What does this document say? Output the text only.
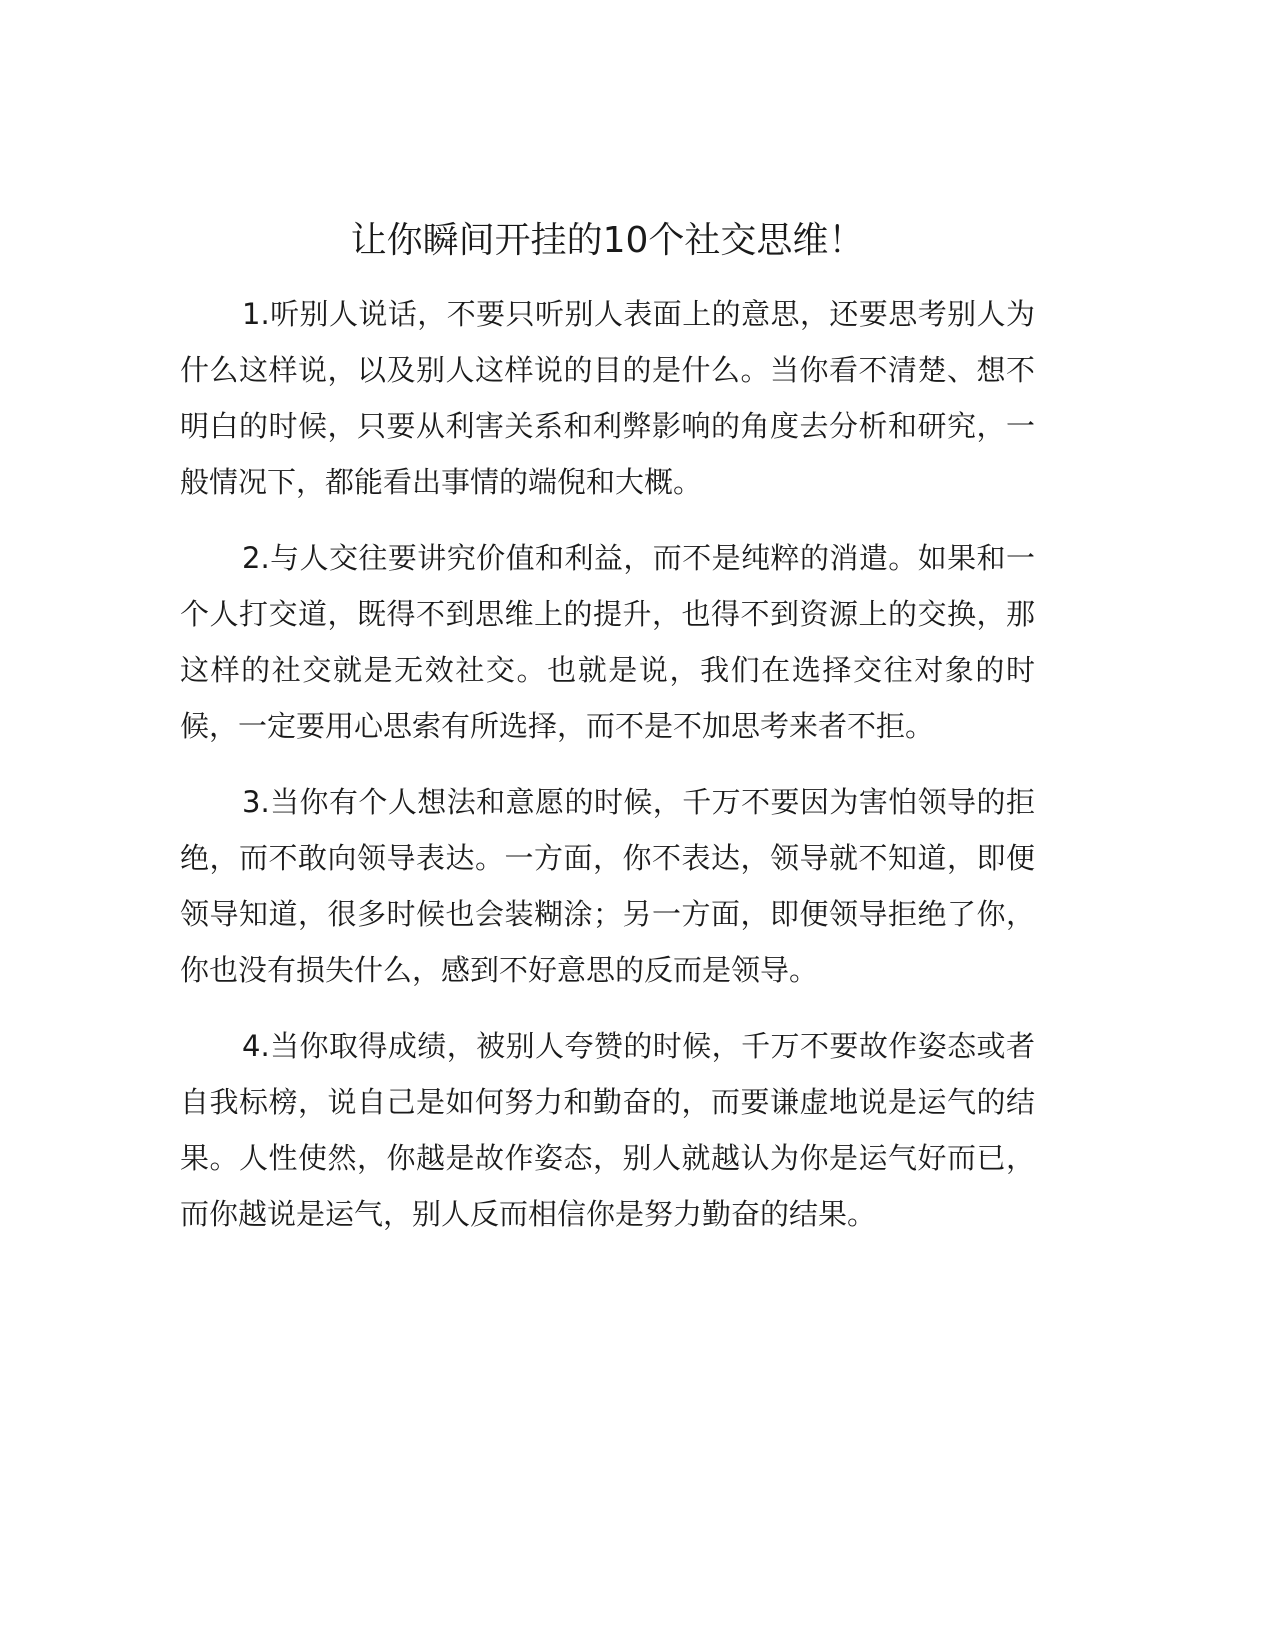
让你瞬间开挂的10个社交思维！

1.听别人说话，不要只听别人表面上的意思，还要思考别人为什么这样说，以及别人这样说的目的是什么。当你看不清楚、想不明白的时候，只要从利害关系和利弊影响的角度去分析和研究，一般情况下，都能看出事情的端倪和大概。

2.与人交往要讲究价值和利益，而不是纯粹的消遣。如果和一个人打交道，既得不到思维上的提升，也得不到资源上的交换，那这样的社交就是无效社交。也就是说，我们在选择交往对象的时候，一定要用心思索有所选择，而不是不加思考来者不拒。

3.当你有个人想法和意愿的时候，千万不要因为害怕领导的拒绝，而不敢向领导表达。一方面，你不表达，领导就不知道，即便领导知道，很多时候也会装糊涂；另一方面，即便领导拒绝了你，你也没有损失什么，感到不好意思的反而是领导。

4.当你取得成绩，被别人夸赞的时候，千万不要故作姿态或者自我标榜，说自己是如何努力和勤奋的，而要谦虚地说是运气的结果。人性使然，你越是故作姿态，别人就越认为你是运气好而已，而你越说是运气，别人反而相信你是努力勤奋的结果。
